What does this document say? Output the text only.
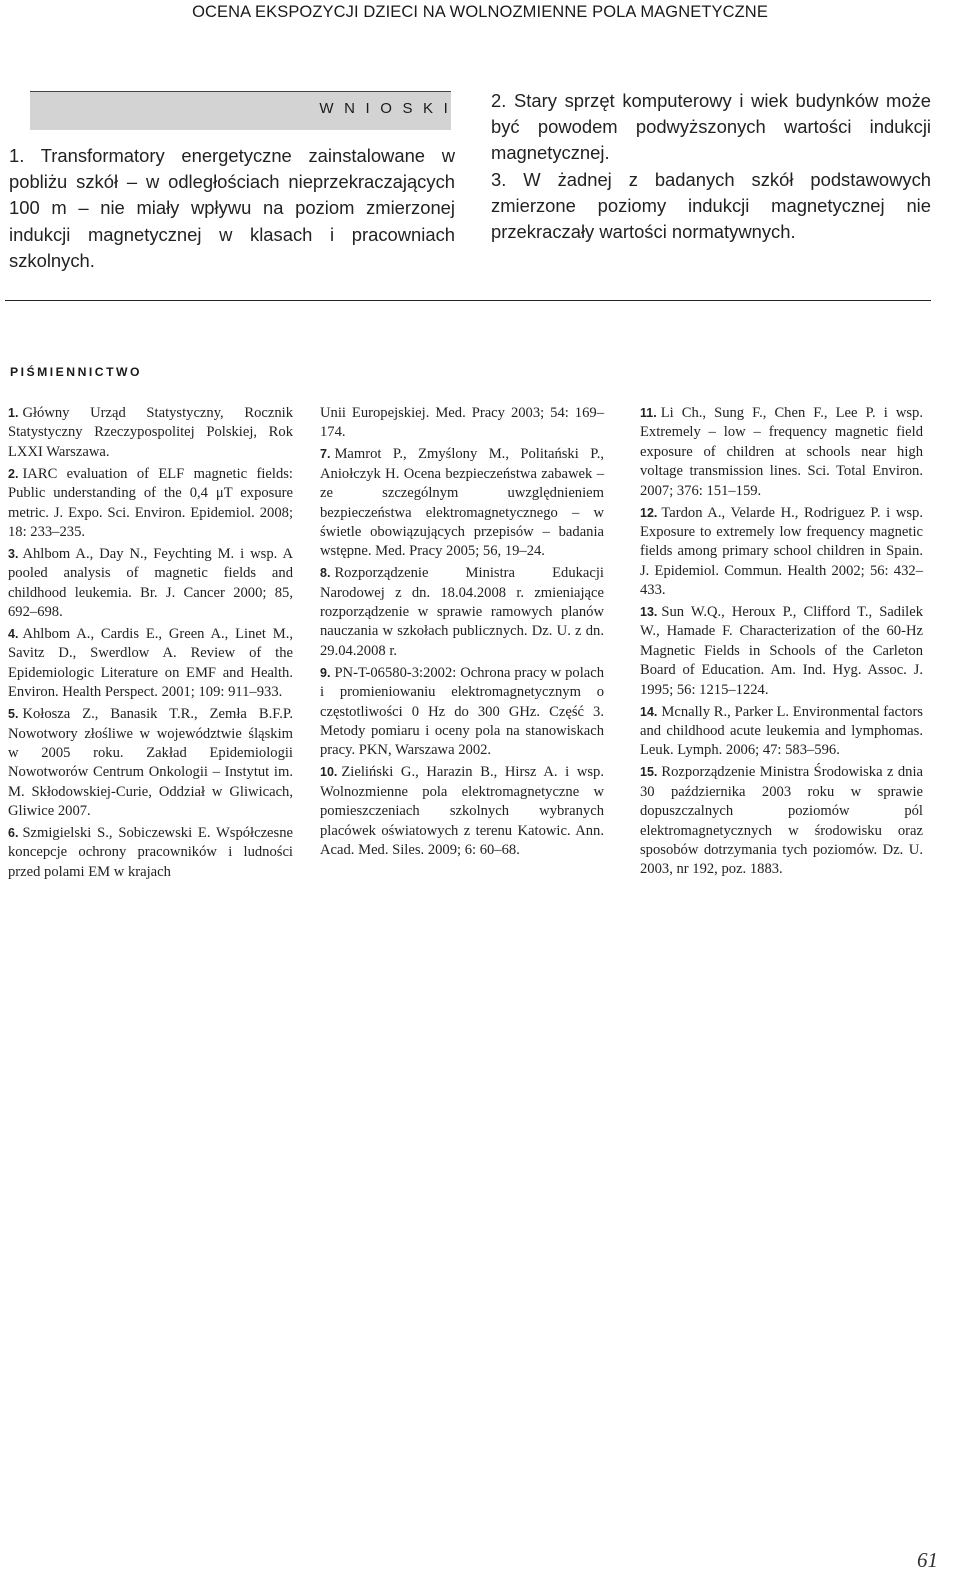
OCENA EKSPOZYCJI DZIECI NA WOLNOZMIENNE POLA MAGNETYCZNE
W N I O S K I
1. Transformatory energetyczne zainstalowane w pobliżu szkół – w odległościach nieprzekraczających 100 m – nie miały wpływu na poziom zmierzonej indukcji magnetycznej w klasach i pracowniach szkolnych.
2. Stary sprzęt komputerowy i wiek budynków może być powodem podwyższonych wartości indukcji magnetycznej.
3. W żadnej z badanych szkół podstawowych zmierzone poziomy indukcji magnetycznej nie przekraczały wartości normatywnych.
PIŚMIENNICTWO
1. Główny Urząd Statystyczny, Rocznik Statystyczny Rzeczypospolitej Polskiej, Rok LXXI Warszawa.
2. IARC evaluation of ELF magnetic fields: Public understanding of the 0,4 μT exposure metric. J. Expo. Sci. Environ. Epidemiol. 2008; 18: 233–235.
3. Ahlbom A., Day N., Feychting M. i wsp. A pooled analysis of magnetic fields and childhood leukemia. Br. J. Cancer 2000; 85, 692–698.
4. Ahlbom A., Cardis E., Green A., Linet M., Savitz D., Swerdlow A. Review of the Epidemiologic Literature on EMF and Health. Environ. Health Perspect. 2001; 109: 911–933.
5. Kołosza Z., Banasik T.R., Zemła B.F.P. Nowotwory złośliwe w województwie śląskim w 2005 roku. Zakład Epidemiologii Nowotworów Centrum Onkologii – Instytut im. M. Skłodowskiej-Curie, Oddział w Gliwicach, Gliwice 2007.
6. Szmigielski S., Sobiczewski E. Współczesne koncepcje ochrony pracowników i ludności przed polami EM w krajach
Unii Europejskiej. Med. Pracy 2003; 54: 169–174.
7. Mamrot P., Zmyślony M., Politański P., Aniołczyk H. Ocena bezpieczeństwa zabawek – ze szczególnym uwzględnieniem bezpieczeństwa elektromagnetycznego – w świetle obowiązujących przepisów – badania wstępne. Med. Pracy 2005; 56, 19–24.
8. Rozporządzenie Ministra Edukacji Narodowej z dn. 18.04.2008 r. zmieniające rozporządzenie w sprawie ramowych planów nauczania w szkołach publicznych. Dz. U. z dn. 29.04.2008 r.
9. PN-T-06580-3:2002: Ochrona pracy w polach i promieniowaniu elektromagnetycznym o częstotliwości 0 Hz do 300 GHz. Część 3. Metody pomiaru i oceny pola na stanowiskach pracy. PKN, Warszawa 2002.
10. Zieliński G., Harazin B., Hirsz A. i wsp. Wolnozmienne pola elektromagnetyczne w pomieszczeniach szkolnych wybranych placówek oświatowych z terenu Katowic. Ann. Acad. Med. Siles. 2009; 6: 60–68.
11. Li Ch., Sung F., Chen F., Lee P. i wsp. Extremely – low – frequency magnetic field exposure of children at schools near high voltage transmission lines. Sci. Total Environ. 2007; 376: 151–159.
12. Tardon A., Velarde H., Rodriguez P. i wsp. Exposure to extremely low frequency magnetic fields among primary school children in Spain. J. Epidemiol. Commun. Health 2002; 56: 432–433.
13. Sun W.Q., Heroux P., Clifford T., Sadilek W., Hamade F. Characterization of the 60-Hz Magnetic Fields in Schools of the Carleton Board of Education. Am. Ind. Hyg. Assoc. J. 1995; 56: 1215–1224.
14. Mcnally R., Parker L. Environmental factors and childhood acute leukemia and lymphomas. Leuk. Lymph. 2006; 47: 583–596.
15. Rozporządzenie Ministra Środowiska z dnia 30 października 2003 roku w sprawie dopuszczalnych poziomów pól elektromagnetycznych w środowisku oraz sposobów dotrzymania tych poziomów. Dz. U. 2003, nr 192, poz. 1883.
61
